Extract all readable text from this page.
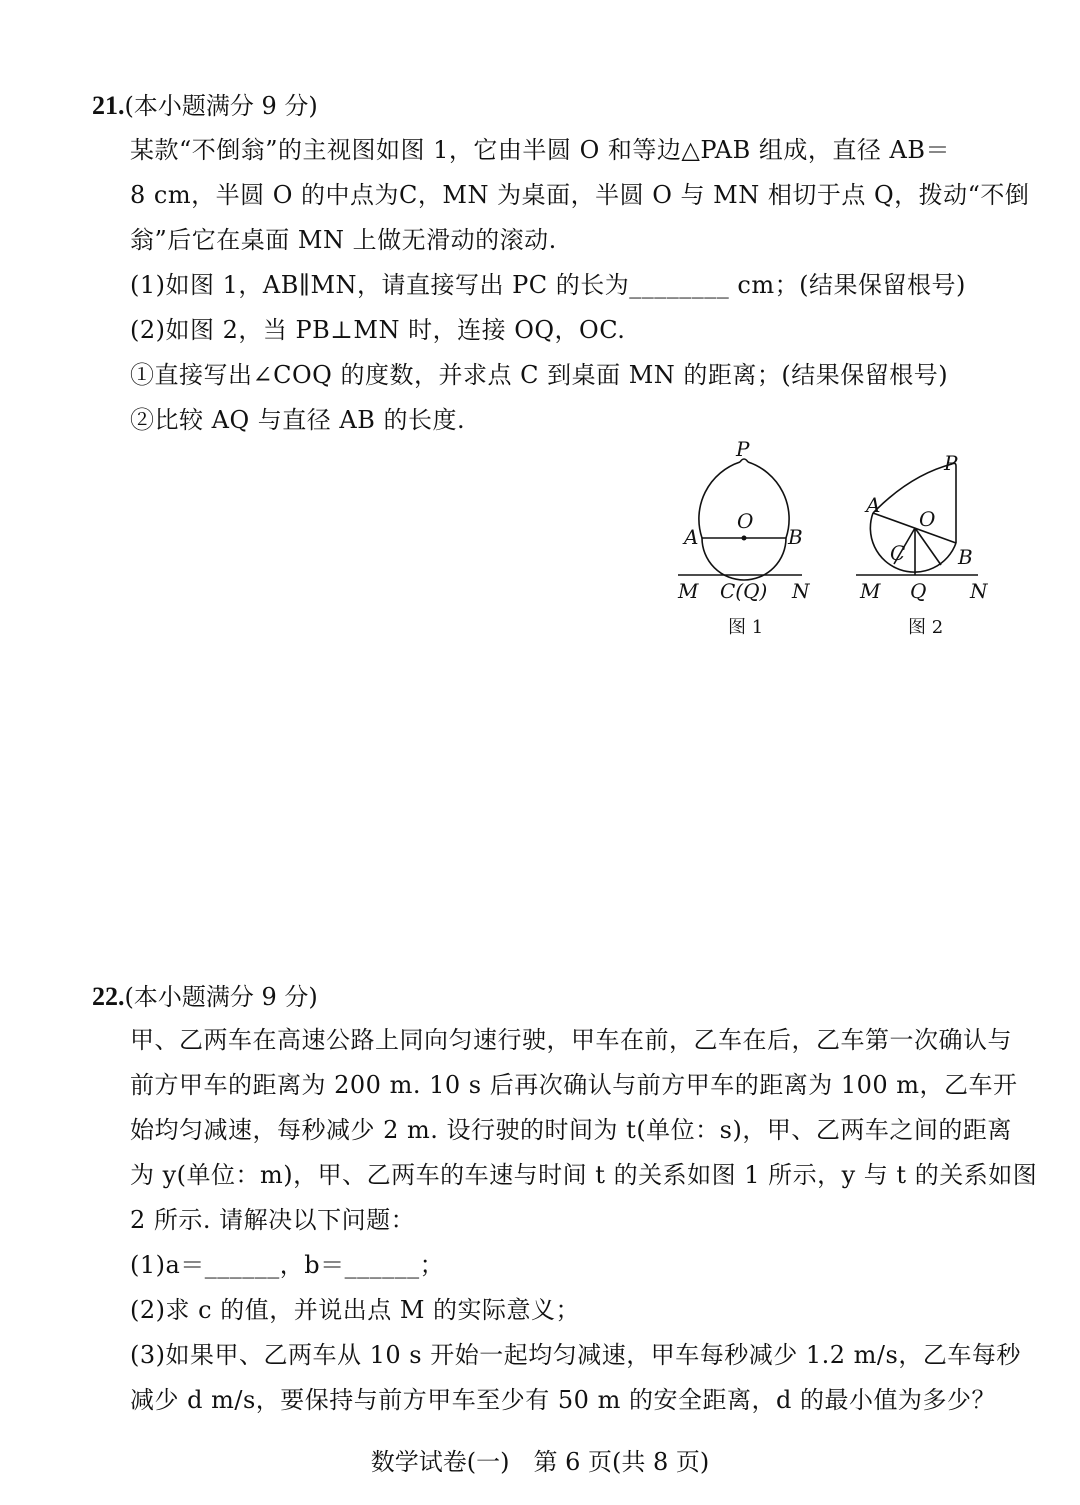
21.(本小题满分 9 分)
某款“不倒翁”的主视图如图 1，它由半圆 O 和等边△PAB 组成，直径 AB＝
8 cm，半圆 O 的中点为C，MN 为桌面，半圆 O 与 MN 相切于点 Q，拨动“不倒
翁”后它在桌面 MN 上做无滑动的滚动.
(1)如图 1，AB∥MN，请直接写出 PC 的长为________ cm；(结果保留根号)
(2)如图 2，当 PB⊥MN 时，连接 OQ，OC.
①直接写出∠COQ 的度数，并求点 C 到桌面 MN 的距离；(结果保留根号)
②比较 AQ 与直径 AB 的长度.
P
A
O
B
M C(Q) N
P
A
O
C	B
M Q N
图 1	图 2
22.(本小题满分 9 分)
甲、乙两车在高速公路上同向匀速行驶，甲车在前，乙车在后，乙车第一次确认与
前方甲车的距离为 200 m. 10 s 后再次确认与前方甲车的距离为 100 m，乙车开
始均匀减速，每秒减少 2 m. 设行驶的时间为 t(单位：s)，甲、乙两车之间的距离
为 y(单位：m)，甲、乙两车的车速与时间 t 的关系如图 1 所示，y 与 t 的关系如图
2 所示. 请解决以下问题：
(1)a＝______，b＝______；
(2)求 c 的值，并说出点 M 的实际意义；
(3)如果甲、乙两车从 10 s 开始一起均匀减速，甲车每秒减少 1.2 m/s，乙车每秒
减少 d m/s，要保持与前方甲车至少有 50 m 的安全距离，d 的最小值为多少？
数学试卷(一)　第 6 页(共 8 页)
